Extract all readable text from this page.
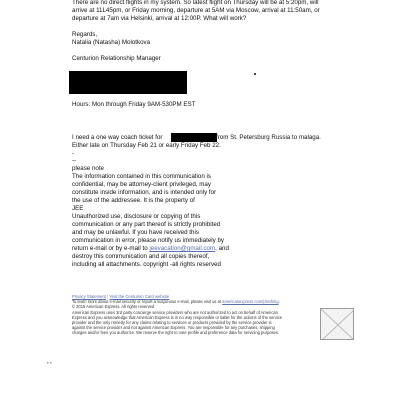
There are no direct flights in my system. So latest flight on Thursday will be at 5:20pm, will
arrive at 11L45pm, or Friday morning, departure at 5AM via Moscow, arrival at 11:50am, or
departure at 7am via Helsinki, arrival at 12:00P. What will work?
Regards,
Natalia (Natasha) Molotkova
Centurion Relationship Manager
Hours: Mon through Friday 9AM-530PM EST
I need a one way coach ticket for	from St. Petersburg Russia to malaga.
Either late on Thursday Feb 21 or early Friday Feb 22.
-
--
please note
The information contained in this communication is
confidential, may be attorney-client privileged, may
constitute inside information, and is intended only for
the use of the addressee. It is the property of
JEE
Unauthorized use, disclosure or copying of this
communication or any part thereof is strictly prohibited
and may be unlawful. If you have received this
communication in error, please notify us immediately by
return e-mail or by e-mail to jeevacation@gmail.com, and
destroy this communication and all copies thereof,
including all attachments. copyright -all rights reserved
Privacy Statement | Visit the Centurion Card website
To learn more about e-mail security or report a suspicious e-mail, please visit us at americanexpress.com/phishing.
© 2015 American Express. All rights reserved
American Express uses 3rd party concierge service providers who are not authorized to act on behalf of American
Express and you acknowledge that American Express is in no way responsible or liable for the actions of the service
provider and the only remedy for any claims relating to services or products provided by the service provider is
against the service provider and not against American Express. You are responsible for any purchases, shipping
charges and/or fees you authorize. We reserve the right to note profile and preference data for servicing purposes.
